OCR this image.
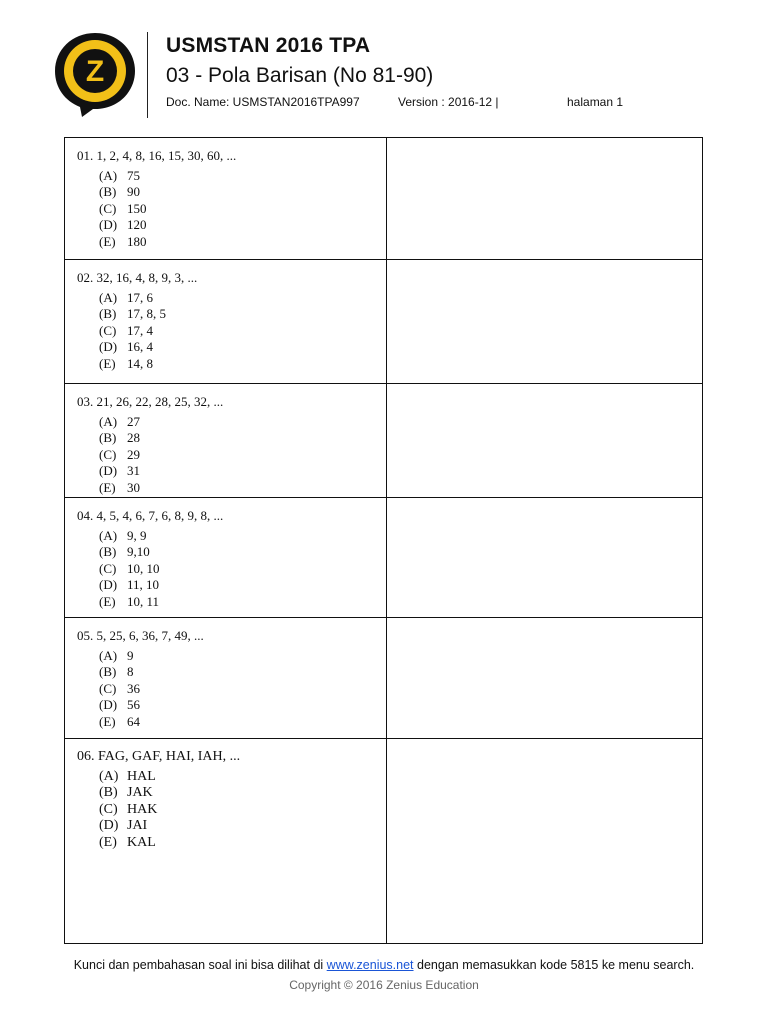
Z
USMSTAN 2016 TPA
03 - Pola Barisan (No 81-90)
Doc. Name: USMSTAN2016TPA997	Version : 2016-12 |	halaman 1
01. 1, 2, 4, 8, 16, 15, 30, 60, ...
(A) 75
(B) 90
(C) 150
(D) 120
(E) 180
02. 32, 16, 4, 8, 9, 3, ...
(A) 17, 6
(B) 17, 8, 5
(C) 17, 4
(D) 16, 4
(E) 14, 8
03. 21, 26, 22, 28, 25, 32, ...
(A) 27
(B) 28
(C) 29
(D) 31
(E) 30
04. 4, 5, 4, 6, 7, 6, 8, 9, 8, ...
(A) 9, 9
(B) 9,10
(C) 10, 10
(D) 11, 10
(E) 10, 11
05. 5, 25, 6, 36, 7, 49, ...
(A) 9
(B) 8
(C) 36
(D) 56
(E) 64
06. FAG, GAF, HAI, IAH, ...
(A) HAL
(B) JAK
(C) HAK
(D) JAI
(E) KAL
Kunci dan pembahasan soal ini bisa dilihat di www.zenius.net dengan memasukkan kode 5815 ke menu search.
Copyright © 2016 Zenius Education
